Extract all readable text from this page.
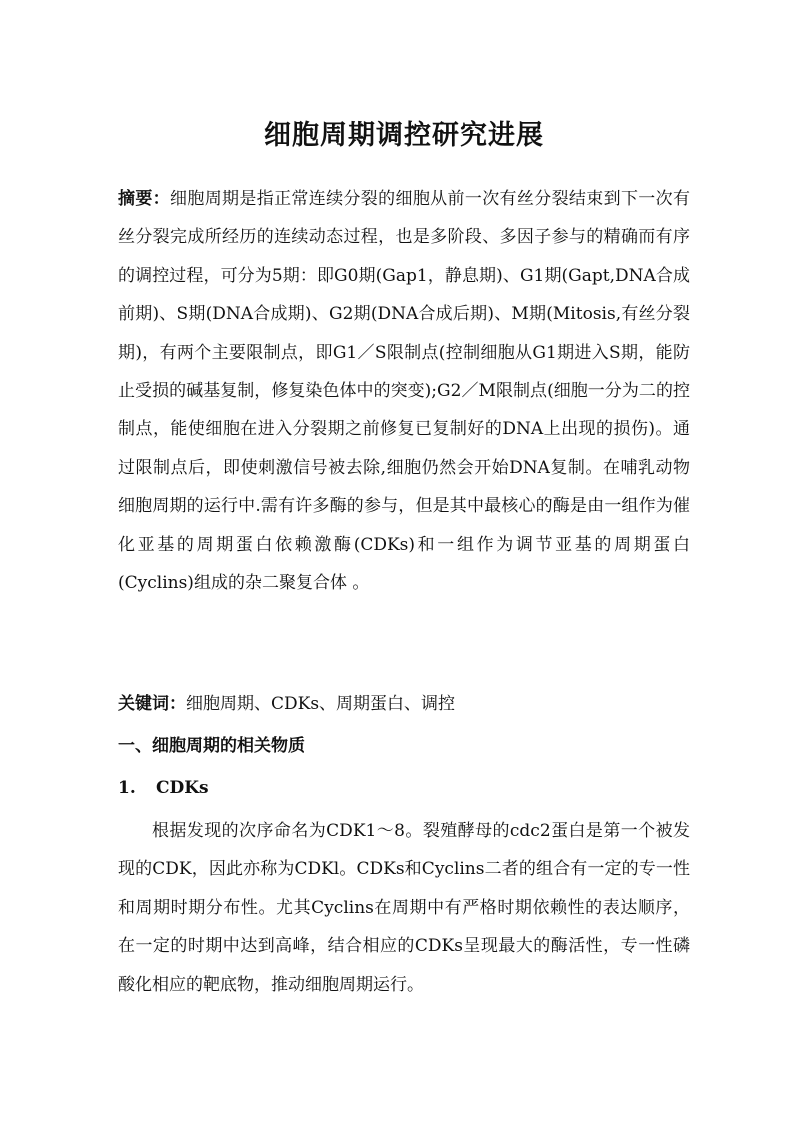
细胞周期调控研究进展

摘要：细胞周期是指正常连续分裂的细胞从前一次有丝分裂结束到下一次有丝分裂完成所经历的连续动态过程，也是多阶段、多因子参与的精确而有序的调控过程，可分为5期：即G0期(Gap1，静息期)、G1期(Gapt,DNA合成前期)、S期(DNA合成期)、G2期(DNA合成后期)、M期(Mitosis,有丝分裂期)，有两个主要限制点，即G1／S限制点(控制细胞从G1期进入S期，能防止受损的碱基复制，修复染色体中的突变);G2／M限制点(细胞一分为二的控制点，能使细胞在进入分裂期之前修复已复制好的DNA上出现的损伤)。通过限制点后，即使刺激信号被去除,细胞仍然会开始DNA复制。在哺乳动物细胞周期的运行中.需有许多酶的参与，但是其中最核心的酶是由一组作为催化亚基的周期蛋白依赖激酶(CDKs)和一组作为调节亚基的周期蛋白(Cyclins)组成的杂二聚复合体 。

关键词：细胞周期、CDKs、周期蛋白、调控

一、细胞周期的相关物质
1. CDKs

根据发现的次序命名为CDK1～8。裂殖酵母的cdc2蛋白是第一个被发现的CDK，因此亦称为CDKl。CDKs和Cyclins二者的组合有一定的专一性和周期时期分布性。尤其Cyclins在周期中有严格时期依赖性的表达顺序，在一定的时期中达到高峰，结合相应的CDKs呈现最大的酶活性，专一性磷酸化相应的靶底物，推动细胞周期运行。
